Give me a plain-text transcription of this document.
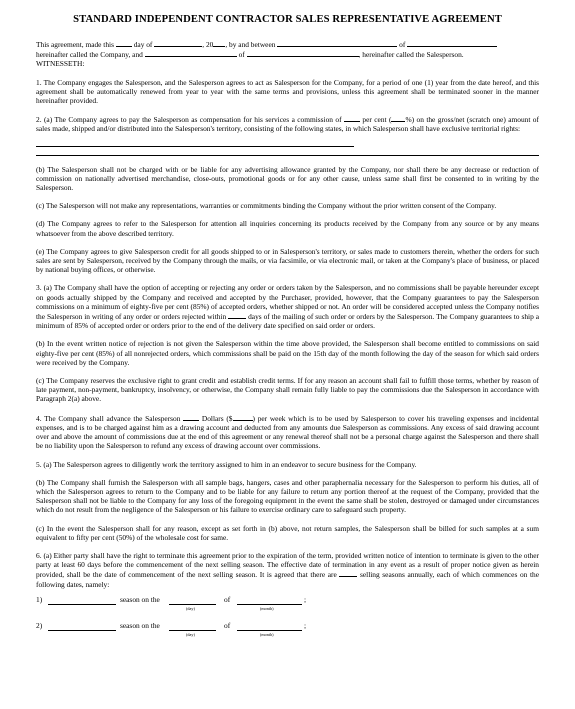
STANDARD INDEPENDENT CONTRACTOR SALES REPRESENTATIVE AGREEMENT

This agreement, made this	day of	, 20 , by and between	of
hereinafter called the Company, and	of	, hereinafter called the Salesperson.
WITNESSETH:

1. The Company engages the Salesperson, and the Salesperson agrees to act as Salesperson for the Company, for a period of one (1) year from the date hereof, and this agreement shall be automatically renewed from year to year with the same terms and provisions, unless this agreement shall be terminated sooner in the manner hereinafter provided.

2. (a) The Company agrees to pay the Salesperson as compensation for his services a commission of	per cent ( %) on the gross/net (scratch one) amount of sales made, shipped and/or distributed into the Salesperson's territory, consisting of the following states, in which Salesperson shall have exclusive territorial rights:

(b) The Salesperson shall not be charged with or be liable for any advertising allowance granted by the Company, nor shall there be any decrease or reduction of commission on nationally advertised merchandise, close-outs, promotional goods or for any other cause, unless same shall first be consented to in writing by the Salesperson.

(c) The Salesperson will not make any representations, warranties or commitments binding the Company without the prior written consent of the Company.

(d) The Company agrees to refer to the Salesperson for attention all inquiries concerning its products received by the Company from any source or by any means whatsoever from the above described territory.

(e) The Company agrees to give Salesperson credit for all goods shipped to or in Salesperson's territory, or sales made to customers therein, whether the orders for such sales are sent by Salesperson, received by the Company through the mails, or via facsimile, or via electronic mail, or taken at the Company's place of business, or placed by national buying offices, or otherwise.

3. (a) The Company shall have the option of accepting or rejecting any order or orders taken by the Salesperson, and no commissions shall be payable hereunder except on goods actually shipped by the Company and received and accepted by the Purchaser, provided, however, that the Company guarantees to pay the Salesperson commissions on a minimum of eighty-five per cent (85%) of accepted orders, whether shipped or not. An order will be considered accepted unless the Company notifies the Salesperson in writing of any order or orders rejected within	days of the mailing of such order or orders by the Salesperson. The Company guarantees to ship a minimum of 85% of accepted order or orders prior to the end of the delivery date specified on said order or orders.

(b) In the event written notice of rejection is not given the Salesperson within the time above provided, the Salesperson shall become entitled to commissions on said eighty-five per cent (85%) of all nonrejected orders, which commissions shall be paid on the 15th day of the month following the day of the season for which said orders were received by the Company.

(c) The Company reserves the exclusive right to grant credit and establish credit terms. If for any reason an account shall fail to fulfill those terms, whether by reason of late payment, non-payment, bankruptcy, insolvency, or otherwise, the Company shall remain fully liable to pay the commissions due the Salesperson in accordance with Paragraph 2(a) above.

4. The Company shall advance the Salesperson	Dollars ($	) per week which is to be used by Salesperson to cover his traveling expenses and incidental expenses, and is to be charged against him as a drawing account and deducted from any amounts due Salesperson as commissions. Any excess of said drawing account over and above the amount of commissions due at the end of this agreement or any renewal thereof shall not be a personal charge against the Salesperson and there shall be no liability upon the Salesperson to refund any excess of drawing account over commissions.

5. (a) The Salesperson agrees to diligently work the territory assigned to him in an endeavor to secure business for the Company.

(b) The Company shall furnish the Salesperson with all sample bags, hangers, cases and other paraphernalia necessary for the Salesperson to perform his duties, all of which the Salesperson agrees to return to the Company and to be liable for any failure to return any portion thereof at the request of the Company, provided that the Salesperson shall not be liable to the Company for any loss of the foregoing equipment in the event the same shall be stolen, destroyed or damaged under circumstances which do not result from the negligence of the Salesperson or his failure to exercise ordinary care to safeguard such property.

(c) In the event the Salesperson shall for any reason, except as set forth in (b) above, not return samples, the Salesperson shall be billed for such samples at a sum equivalent to fifty per cent (50%) of the wholesale cost for same.

6. (a) Either party shall have the right to terminate this agreement prior to the expiration of the term, provided written notice of intention to terminate is given to the other party at least 60 days before the commencement of the next selling season. The effective date of termination in any event as a result of proper notice given as herein provided, shall be the date of commencement of the next selling season. It is agreed that there are	selling seasons annually, each of which commences on the following dates, namely:

1)	season on the
(day)
of
(month)
;
2)	season on the
(day)
of
(month)
;
